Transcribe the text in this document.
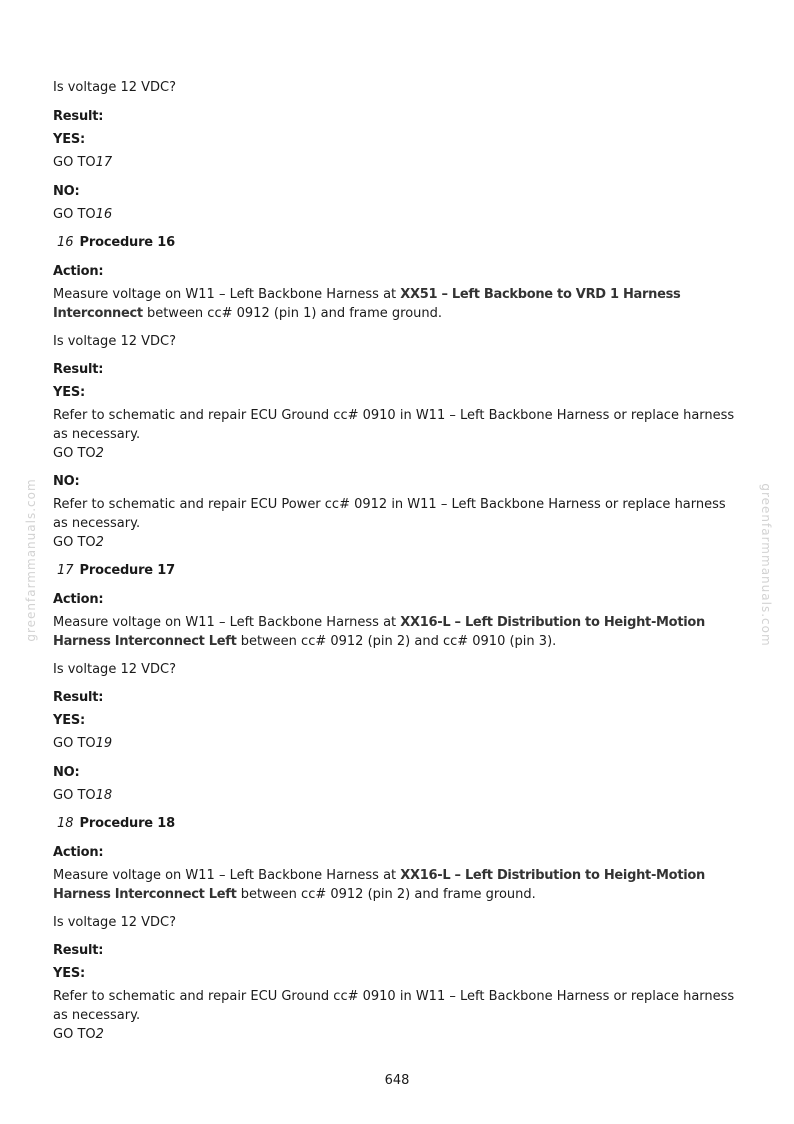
greenfarmmanuals.com	greenfarmmanuals.com
Is voltage 12 VDC?
Result:
YES:
GO TO17
NO:
GO TO16
16 Procedure 16
Action:
Measure voltage on W11 – Left Backbone Harness at XX51 – Left Backbone to VRD 1 Harness Interconnect between cc# 0912 (pin 1) and frame ground.
Is voltage 12 VDC?
Result:
YES:
Refer to schematic and repair ECU Ground cc# 0910 in W11 – Left Backbone Harness or replace harness as necessary.
GO TO2
NO:
Refer to schematic and repair ECU Power cc# 0912 in W11 – Left Backbone Harness or replace harness as necessary.
GO TO2
17 Procedure 17
Action:
Measure voltage on W11 – Left Backbone Harness at XX16-L – Left Distribution to Height-Motion Harness Interconnect Left between cc# 0912 (pin 2) and cc# 0910 (pin 3).
Is voltage 12 VDC?
Result:
YES:
GO TO19
NO:
GO TO18
18 Procedure 18
Action:
Measure voltage on W11 – Left Backbone Harness at XX16-L – Left Distribution to Height-Motion Harness Interconnect Left between cc# 0912 (pin 2) and frame ground.
Is voltage 12 VDC?
Result:
YES:
Refer to schematic and repair ECU Ground cc# 0910 in W11 – Left Backbone Harness or replace harness as necessary.
GO TO2
648
